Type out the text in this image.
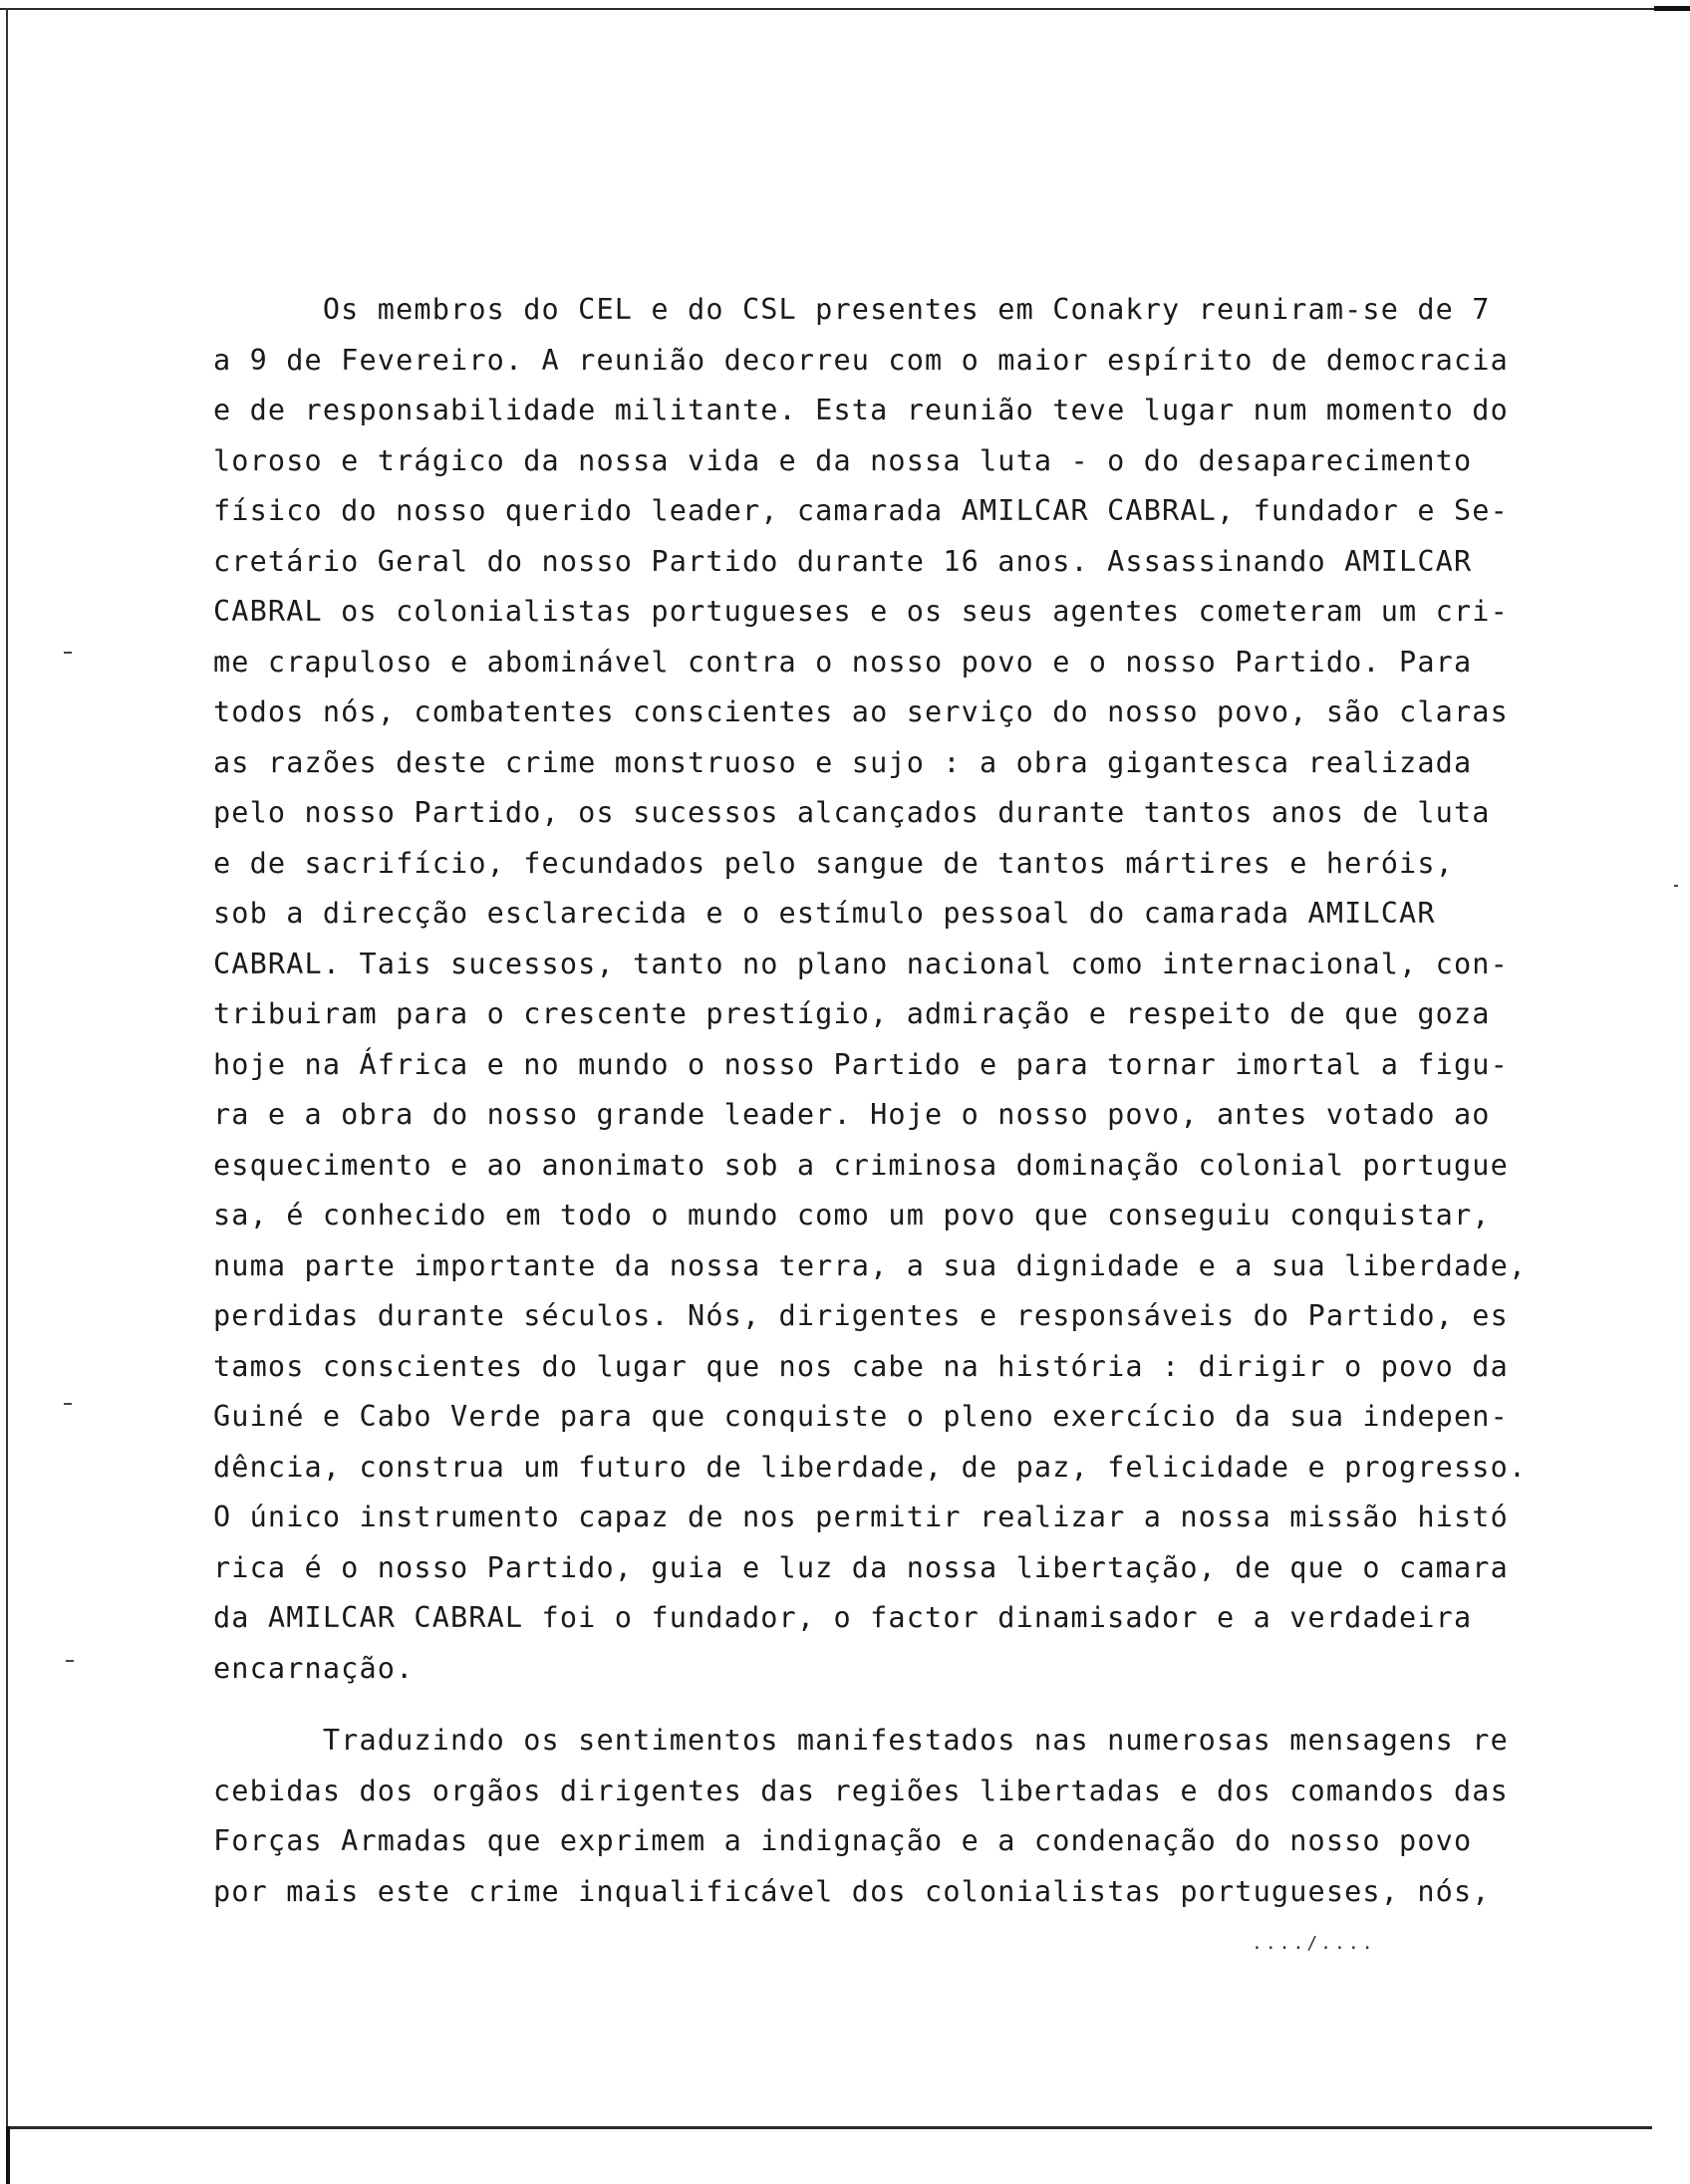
Os membros do CEL e do CSL presentes em Conakry reuniram-se de 7
a 9 de Fevereiro. A reunião decorreu com o maior espírito de democracia
e de responsabilidade militante. Esta reunião teve lugar num momento do
loroso e trágico da nossa vida e da nossa luta - o do desaparecimento
físico do nosso querido leader, camarada AMILCAR CABRAL, fundador e Se-
cretário Geral do nosso Partido durante 16 anos. Assassinando AMILCAR
CABRAL os colonialistas portugueses e os seus agentes cometeram um cri-
me crapuloso e abominável contra o nosso povo e o nosso Partido. Para
todos nós, combatentes conscientes ao serviço do nosso povo, são claras
as razões deste crime monstruoso e sujo : a obra gigantesca realizada
pelo nosso Partido, os sucessos alcançados durante tantos anos de luta
e de sacrifício, fecundados pelo sangue de tantos mártires e heróis,
sob a direcção esclarecida e o estímulo pessoal do camarada AMILCAR
CABRAL. Tais sucessos, tanto no plano nacional como internacional, con-
tribuiram para o crescente prestígio, admiração e respeito de que goza
hoje na África e no mundo o nosso Partido e para tornar imortal a figu-
ra e a obra do nosso grande leader. Hoje o nosso povo, antes votado ao
esquecimento e ao anonimato sob a criminosa dominação colonial portugue
sa, é conhecido em todo o mundo como um povo que conseguiu conquistar,
numa parte importante da nossa terra, a sua dignidade e a sua liberdade,
perdidas durante séculos. Nós, dirigentes e responsáveis do Partido, es
tamos conscientes do lugar que nos cabe na história : dirigir o povo da
Guiné e Cabo Verde para que conquiste o pleno exercício da sua indepen-
dência, construa um futuro de liberdade, de paz, felicidade e progresso.
O único instrumento capaz de nos permitir realizar a nossa missão histó
rica é o nosso Partido, guia e luz da nossa libertação, de que o camara
da AMILCAR CABRAL foi o fundador, o factor dinamisador e a verdadeira
encarnação.
Traduzindo os sentimentos manifestados nas numerosas mensagens re
cebidas dos orgãos dirigentes das regiões libertadas e dos comandos das
Forças Armadas que exprimem a indignação e a condenação do nosso povo
por mais este crime inqualificável dos colonialistas portugueses, nós,
..../....
